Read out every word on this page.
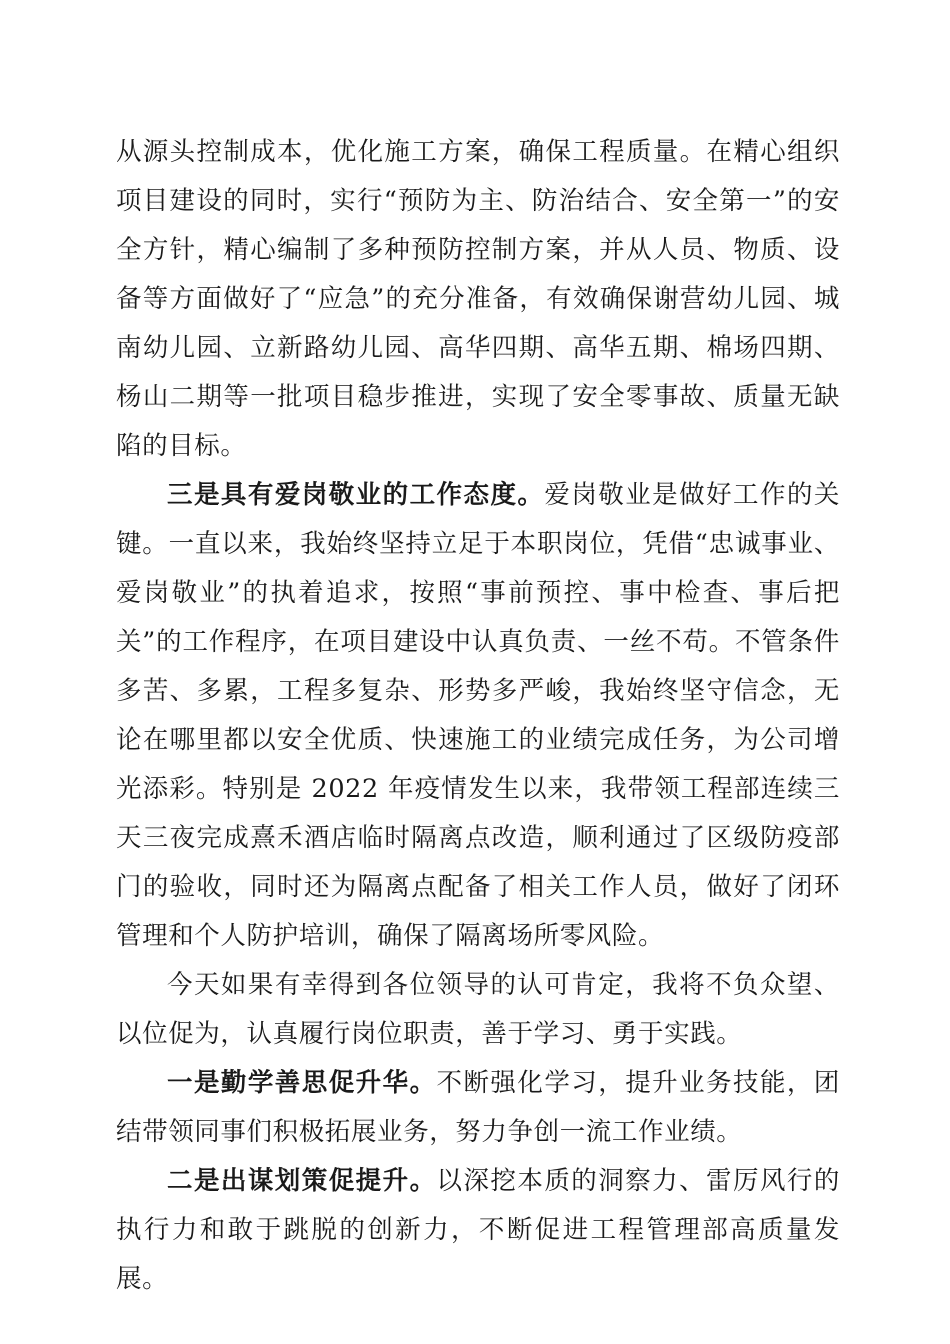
从源头控制成本，优化施工方案，确保工程质量。在精心组织项目建设的同时，实行“预防为主、防治结合、安全第一”的安全方针，精心编制了多种预防控制方案，并从人员、物质、设备等方面做好了“应急”的充分准备，有效确保谢营幼儿园、城南幼儿园、立新路幼儿园、高华四期、高华五期、棉场四期、杨山二期等一批项目稳步推进，实现了安全零事故、质量无缺陷的目标。

三是具有爱岗敬业的工作态度。爱岗敬业是做好工作的关键。一直以来，我始终坚持立足于本职岗位，凭借“忠诚事业、爱岗敬业”的执着追求，按照“事前预控、事中检查、事后把关”的工作程序，在项目建设中认真负责、一丝不苟。不管条件多苦、多累，工程多复杂、形势多严峻，我始终坚守信念，无论在哪里都以安全优质、快速施工的业绩完成任务，为公司增光添彩。特别是 2022 年疫情发生以来，我带领工程部连续三天三夜完成熹禾酒店临时隔离点改造，顺利通过了区级防疫部门的验收，同时还为隔离点配备了相关工作人员，做好了闭环管理和个人防护培训，确保了隔离场所零风险。

今天如果有幸得到各位领导的认可肯定，我将不负众望、以位促为，认真履行岗位职责，善于学习、勇于实践。

一是勤学善思促升华。不断强化学习，提升业务技能，团结带领同事们积极拓展业务，努力争创一流工作业绩。

二是出谋划策促提升。以深挖本质的洞察力、雷厉风行的执行力和敢于跳脱的创新力，不断促进工程管理部高质量发展。
